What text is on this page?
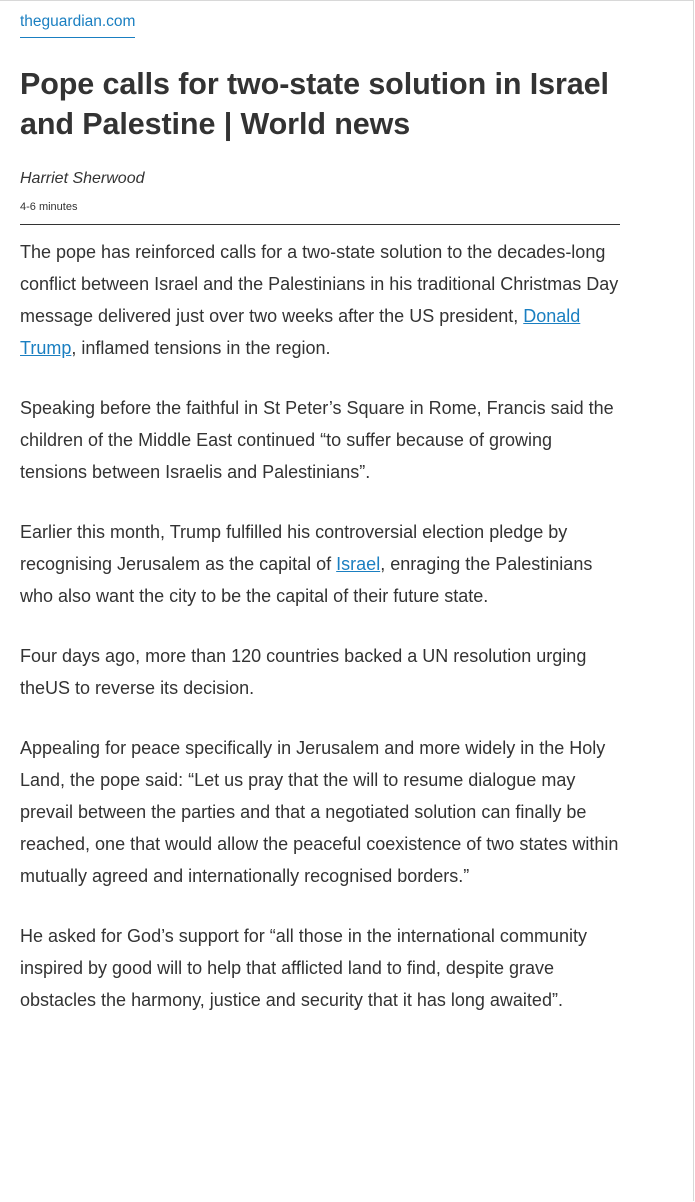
theguardian.com
Pope calls for two-state solution in Israel and Palestine | World news
Harriet Sherwood
4-6 minutes

The pope has reinforced calls for a two-state solution to the decades-long conflict between Israel and the Palestinians in his traditional Christmas Day message delivered just over two weeks after the US president, Donald Trump, inflamed tensions in the region.

Speaking before the faithful in St Peter’s Square in Rome, Francis said the children of the Middle East continued “to suffer because of growing tensions between Israelis and Palestinians”.

Earlier this month, Trump fulfilled his controversial election pledge by recognising Jerusalem as the capital of Israel, enraging the Palestinians who also want the city to be the capital of their future state.

Four days ago, more than 120 countries backed a UN resolution urging theUS to reverse its decision.

Appealing for peace specifically in Jerusalem and more widely in the Holy Land, the pope said: “Let us pray that the will to resume dialogue may prevail between the parties and that a negotiated solution can finally be reached, one that would allow the peaceful coexistence of two states within mutually agreed and internationally recognised borders.”

He asked for God’s support for “all those in the international community inspired by good will to help that afflicted land to find, despite grave obstacles the harmony, justice and security that it has long awaited”.
